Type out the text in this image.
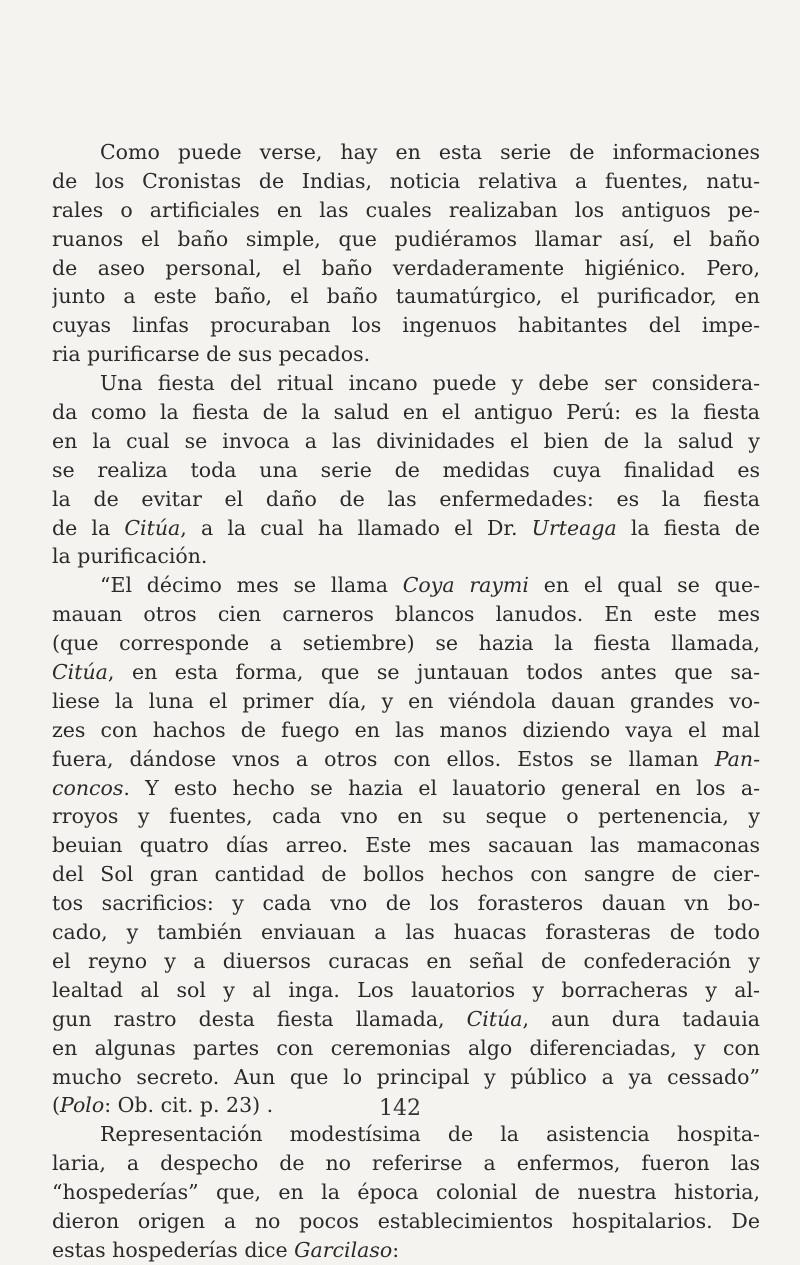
Como puede verse, hay en esta serie de informaciones
de los Cronistas de Indias, noticia relativa a fuentes, natu-
rales o artificiales en las cuales realizaban los antiguos pe-
ruanos el baño simple, que pudiéramos llamar así, el baño
de aseo personal, el baño verdaderamente higiénico. Pero,
junto a este baño, el baño taumatúrgico, el purificador, en
cuyas linfas procuraban los ingenuos habitantes del impe-
ria purificarse de sus pecados.
Una fiesta del ritual incano puede y debe ser considera-
da como la fiesta de la salud en el antiguo Perú: es la fiesta
en la cual se invoca a las divinidades el bien de la salud y
se realiza toda una serie de medidas cuya finalidad es
la de evitar el daño de las enfermedades: es la fiesta
de la Citúa, a la cual ha llamado el Dr. Urteaga la fiesta de
la purificación.
“El décimo mes se llama Coya raymi en el qual se que-
mauan otros cien carneros blancos lanudos. En este mes
(que corresponde a setiembre) se hazia la fiesta llamada,
Citúa, en esta forma, que se juntauan todos antes que sa-
liese la luna el primer día, y en viéndola dauan grandes vo-
zes con hachos de fuego en las manos diziendo vaya el mal
fuera, dándose vnos a otros con ellos. Estos se llaman Pan-
concos. Y esto hecho se hazia el lauatorio general en los a-
rroyos y fuentes, cada vno en su seque o pertenencia, y
beuian quatro días arreo. Este mes sacauan las mamaconas
del Sol gran cantidad de bollos hechos con sangre de cier-
tos sacrificios: y cada vno de los forasteros dauan vn bo-
cado, y también enviauan a las huacas forasteras de todo
el reyno y a diuersos curacas en señal de confederación y
lealtad al sol y al inga. Los lauatorios y borracheras y al-
gun rastro desta fiesta llamada, Citúa, aun dura tadauia
en algunas partes con ceremonias algo diferenciadas, y con
mucho secreto. Aun que lo principal y público a ya cessado”
(Polo: Ob. cit. p. 23) .
Representación modestísima de la asistencia hospita-
laria, a despecho de no referirse a enfermos, fueron las
“hospederías” que, en la época colonial de nuestra historia,
dieron origen a no pocos establecimientos hospitalarios. De
estas hospederías dice Garcilaso:
142
